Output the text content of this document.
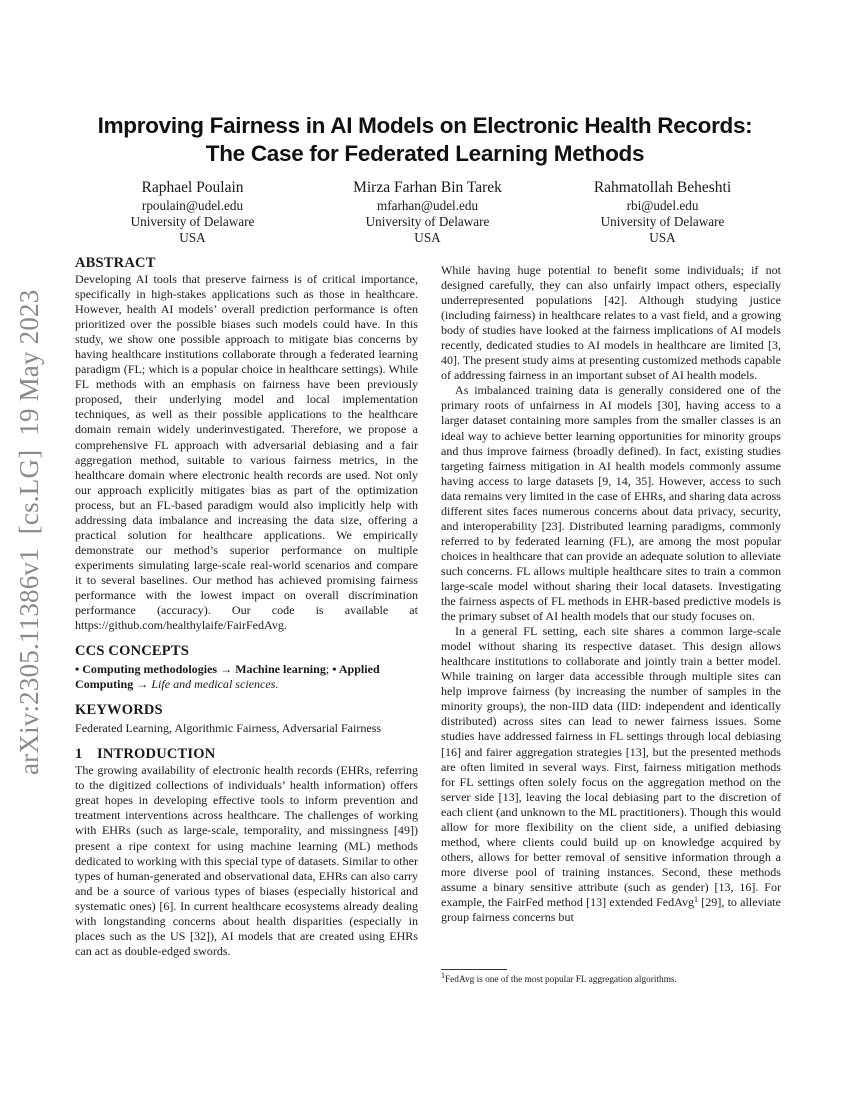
arXiv:2305.11386v1  [cs.LG]  19 May 2023
Improving Fairness in AI Models on Electronic Health Records:
The Case for Federated Learning Methods
Raphael Poulain
rpoulain@udel.edu
University of Delaware
USA
Mirza Farhan Bin Tarek
mfarhan@udel.edu
University of Delaware
USA
Rahmatollah Beheshti
rbi@udel.edu
University of Delaware
USA
ABSTRACT

Developing AI tools that preserve fairness is of critical importance, specifically in high-stakes applications such as those in healthcare. However, health AI models’ overall prediction performance is often prioritized over the possible biases such models could have. In this study, we show one possible approach to mitigate bias concerns by having healthcare institutions collaborate through a federated learning paradigm (FL; which is a popular choice in healthcare settings). While FL methods with an emphasis on fairness have been previously proposed, their underlying model and local implementation techniques, as well as their possible applications to the healthcare domain remain widely underinvestigated. Therefore, we propose a comprehensive FL approach with adversarial debiasing and a fair aggregation method, suitable to various fairness metrics, in the healthcare domain where electronic health records are used. Not only our approach explicitly mitigates bias as part of the optimization process, but an FL-based paradigm would also implicitly help with addressing data imbalance and increasing the data size, offering a practical solution for healthcare applications. We empirically demonstrate our method’s superior performance on multiple experiments simulating large-scale real-world scenarios and compare it to several baselines. Our method has achieved promising fairness performance with the lowest impact on overall discrimination performance (accuracy). Our code is available at https://github.com/healthylaife/FairFedAvg.

CCS CONCEPTS

• Computing methodologies → Machine learning; • Applied Computing → Life and medical sciences.

KEYWORDS

Federated Learning, Algorithmic Fairness, Adversarial Fairness

1 INTRODUCTION

The growing availability of electronic health records (EHRs, referring to the digitized collections of individuals’ health information) offers great hopes in developing effective tools to inform prevention and treatment interventions across healthcare. The challenges of working with EHRs (such as large-scale, temporality, and missingness [49]) present a ripe context for using machine learning (ML) methods dedicated to working with this special type of datasets. Similar to other types of human-generated and observational data, EHRs can also carry and be a source of various types of biases (especially historical and systematic ones) [6]. In current healthcare ecosystems already dealing with longstanding concerns about health disparities (especially in places such as the US [32]), AI models that are created using EHRs can act as double-edged swords.

While having huge potential to benefit some individuals; if not designed carefully, they can also unfairly impact others, especially underrepresented populations [42]. Although studying justice (including fairness) in healthcare relates to a vast field, and a growing body of studies have looked at the fairness implications of AI models recently, dedicated studies to AI models in healthcare are limited [3, 40]. The present study aims at presenting customized methods capable of addressing fairness in an important subset of AI health models.

As imbalanced training data is generally considered one of the primary roots of unfairness in AI models [30], having access to a larger dataset containing more samples from the smaller classes is an ideal way to achieve better learning opportunities for minority groups and thus improve fairness (broadly defined). In fact, existing studies targeting fairness mitigation in AI health models commonly assume having access to large datasets [9, 14, 35]. However, access to such data remains very limited in the case of EHRs, and sharing data across different sites faces numerous concerns about data privacy, security, and interoperability [23]. Distributed learning paradigms, commonly referred to by federated learning (FL), are among the most popular choices in healthcare that can provide an adequate solution to alleviate such concerns. FL allows multiple healthcare sites to train a common large-scale model without sharing their local datasets. Investigating the fairness aspects of FL methods in EHR-based predictive models is the primary subset of AI health models that our study focuses on.

In a general FL setting, each site shares a common large-scale model without sharing its respective dataset. This design allows healthcare institutions to collaborate and jointly train a better model. While training on larger data accessible through multiple sites can help improve fairness (by increasing the number of samples in the minority groups), the non-IID data (IID: independent and identically distributed) across sites can lead to newer fairness issues. Some studies have addressed fairness in FL settings through local debiasing [16] and fairer aggregation strategies [13], but the presented methods are often limited in several ways. First, fairness mitigation methods for FL settings often solely focus on the aggregation method on the server side [13], leaving the local debiasing part to the discretion of each client (and unknown to the ML practitioners). Though this would allow for more flexibility on the client side, a unified debiasing method, where clients could build up on knowledge acquired by others, allows for better removal of sensitive information through a more diverse pool of training instances. Second, these methods assume a binary sensitive attribute (such as gender) [13, 16]. For example, the FairFed method [13] extended FedAvg$^1$ [29], to alleviate group fairness concerns but

$^1$FedAvg is one of the most popular FL aggregation algorithms.
